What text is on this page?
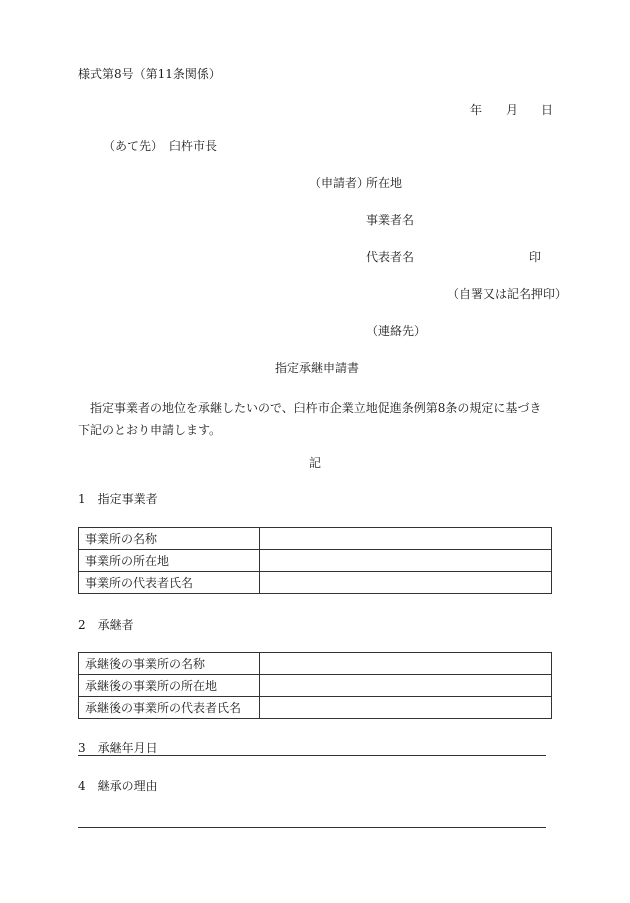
様式第8号（第11条関係）
年 月 日
（あて先）　臼杵市長
（申請者）
所在地
事業者名
代表者名	印
（自署又は記名押印）
（連絡先）
指定承継申請書
指定事業者の地位を承継したいので、臼杵市企業立地促進条例第8条の規定に基づき下記のとおり申請します。
記
1　指定事業者
事業所の名称	
事業所の所在地	
事業所の代表者氏名	
2　承継者
承継後の事業所の名称	
承継後の事業所の所在地	
承継後の事業所の代表者氏名	
3　承継年月日
4　継承の理由
